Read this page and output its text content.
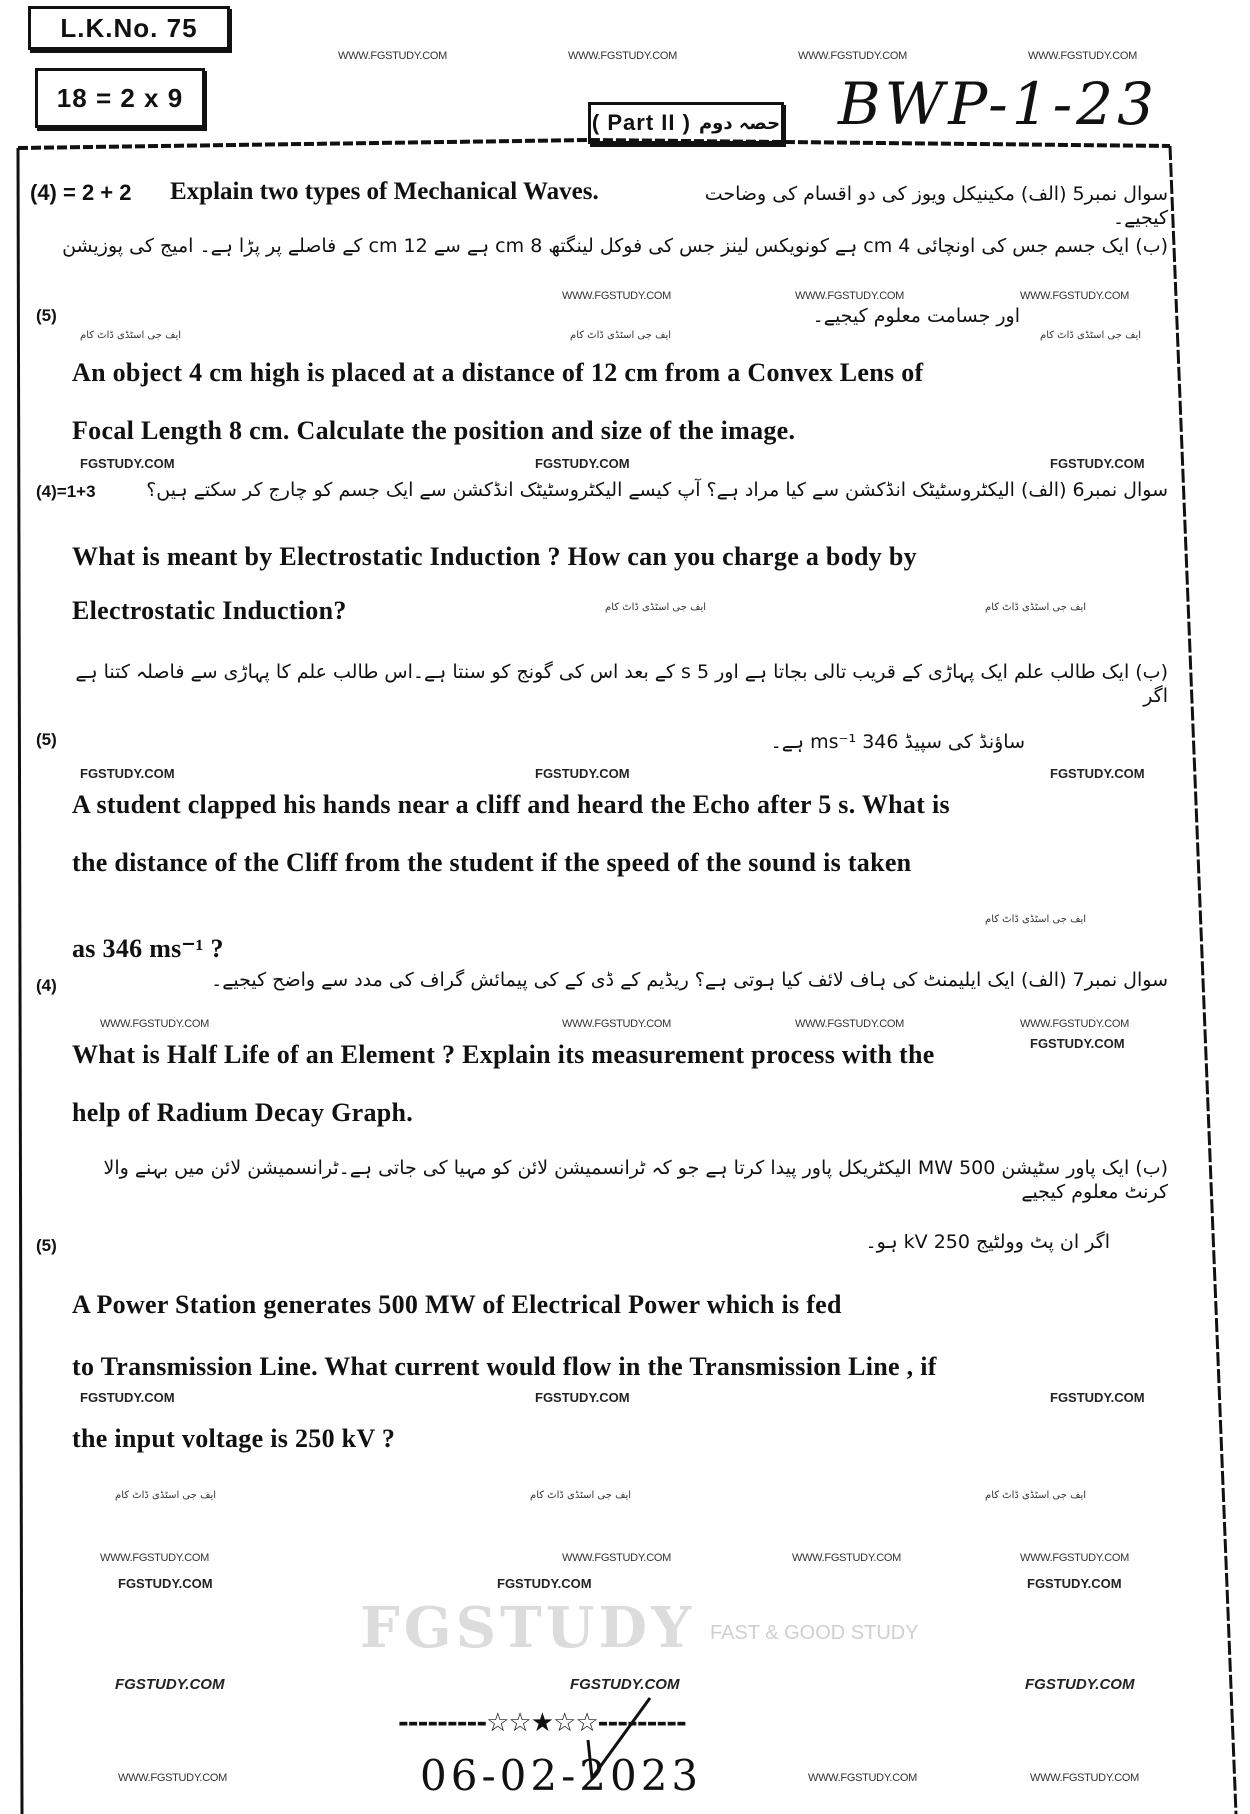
FGSTUDY FAST & GOOD STUDY
L.K.No. 75
18 = 2 x 9
( Part II ) حصہ دوم BWP-1-23
WWW.FGSTUDY.COM	WWW.FGSTUDY.COM	WWW.FGSTUDY.COM	WWW.FGSTUDY.COM
WWW.FGSTUDY.COM	WWW.FGSTUDY.COM	WWW.FGSTUDY.COM
ایف جی اسٹڈی ڈاٹ کام	ایف جی اسٹڈی ڈاٹ کام	ایف جی اسٹڈی ڈاٹ کام
FGSTUDY.COM	FGSTUDY.COM	FGSTUDY.COM
ایف جی اسٹڈی ڈاٹ کام	ایف جی اسٹڈی ڈاٹ کام
FGSTUDY.COM	FGSTUDY.COM	FGSTUDY.COM
ایف جی اسٹڈی ڈاٹ کام
WWW.FGSTUDY.COM	WWW.FGSTUDY.COM	WWW.FGSTUDY.COM	WWW.FGSTUDY.COM
FGSTUDY.COM
FGSTUDY.COM	FGSTUDY.COM	FGSTUDY.COM
ایف جی اسٹڈی ڈاٹ کام	ایف جی اسٹڈی ڈاٹ کام	ایف جی اسٹڈی ڈاٹ کام
WWW.FGSTUDY.COM	WWW.FGSTUDY.COM	WWW.FGSTUDY.COM	WWW.FGSTUDY.COM
FGSTUDY.COM	FGSTUDY.COM	FGSTUDY.COM
FGSTUDY.COM	FGSTUDY.COM	FGSTUDY.COM
WWW.FGSTUDY.COM	WWW.FGSTUDY.COM	WWW.FGSTUDY.COM
(4) = 2 + 2 Explain two types of Mechanical Waves.	سوال نمبر5 (الف) مکینیکل ویوز کی دو اقسام کی وضاحت کیجیے۔
(ب) ایک جسم جس کی اونچائی 4 cm ہے کونویکس لینز جس کی فوکل لینگتھ 8 cm ہے سے 12 cm کے فاصلے پر پڑا ہے۔ امیج کی پوزیشن
(5)	اور جسامت معلوم کیجیے۔
An object 4 cm high is placed at a distance of 12 cm from a Convex Lens of
Focal Length 8 cm. Calculate the position and size of the image.
(4)=1+3	سوال نمبر6 (الف) الیکٹروسٹیٹک انڈکشن سے کیا مراد ہے؟ آپ کیسے الیکٹروسٹیٹک انڈکشن سے ایک جسم کو چارج کر سکتے ہیں؟
What is meant by Electrostatic Induction ? How can you charge a body by
Electrostatic Induction?
(ب) ایک طالب علم ایک پہاڑی کے قریب تالی بجاتا ہے اور 5 s کے بعد اس کی گونج کو سنتا ہے۔اس طالب علم کا پہاڑی سے فاصلہ کتنا ہے اگر
(5)	ساؤنڈ کی سپیڈ 346 ms⁻¹ ہے۔
A student clapped his hands near a cliff and heard the Echo after 5 s. What is
the distance of the Cliff from the student if the speed of the sound is taken
as 346 ms⁻¹ ?
(4)	سوال نمبر7 (الف) ایک ایلیمنٹ کی ہاف لائف کیا ہوتی ہے؟ ریڈیم کے ڈی کے کی پیمائش گراف کی مدد سے واضح کیجیے۔
What is Half Life of an Element ? Explain its measurement process with the
help of Radium Decay Graph.
(ب) ایک پاور سٹیشن 500 MW الیکٹریکل پاور پیدا کرتا ہے جو کہ ٹرانسمیشن لائن کو مہیا کی جاتی ہے۔ٹرانسمیشن لائن میں بہنے والا کرنٹ معلوم کیجیے
(5)	اگر ان پٹ وولٹیج 250 kV ہو۔
A Power Station generates 500 MW of Electrical Power which is fed
to Transmission Line. What current would flow in the Transmission Line , if
the input voltage is 250 kV ?
---------☆☆★☆☆---------
06-02-2023
